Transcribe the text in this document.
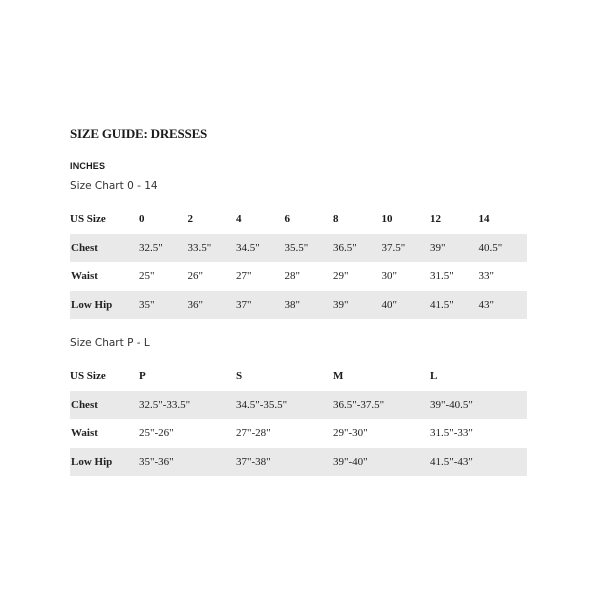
SIZE GUIDE: DRESSES
INCHES
Size Chart 0 - 14
US Size	0	2	4	6	8	10	12	14
Chest	32.5"	33.5"	34.5"	35.5"	36.5"	37.5"	39"	40.5"
Waist	25"	26"	27"	28"	29"	30"	31.5"	33"
Low Hip	35"	36"	37"	38"	39"	40"	41.5"	43"
Size Chart P - L
US Size	P	S	M	L
Chest	32.5"-33.5"	34.5"-35.5"	36.5"-37.5"	39"-40.5"
Waist	25"-26"	27"-28"	29"-30"	31.5"-33"
Low Hip	35"-36"	37"-38"	39"-40"	41.5"-43"
